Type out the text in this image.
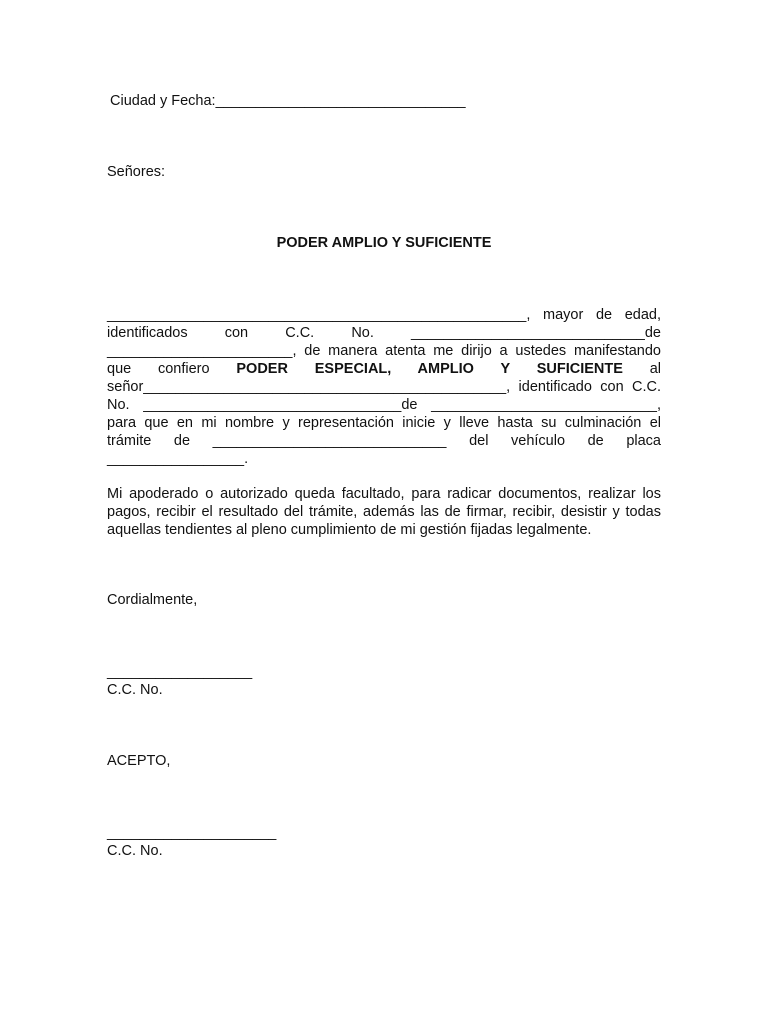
Ciudad y Fecha:_______________________________
Señores:
PODER AMPLIO Y SUFICIENTE
____________________________________________________, mayor de edad,
identificados con C.C. No. _____________________________de
_______________________, de manera atenta me dirijo a ustedes manifestando
que confiero PODER ESPECIAL, AMPLIO Y SUFICIENTE al
señor_____________________________________________, identificado con C.C.
No. ________________________________de ____________________________,
para que en mi nombre y representación inicie y lleve hasta su culminación el
trámite de _____________________________ del vehículo de placa
_________________.
Mi apoderado o autorizado queda facultado, para radicar documentos, realizar los
pagos, recibir el resultado del trámite, además las de firmar, recibir, desistir y todas
aquellas tendientes al pleno cumplimiento de mi gestión fijadas legalmente.
Cordialmente,
__________________
C.C. No.
ACEPTO,
_____________________
C.C. No.
